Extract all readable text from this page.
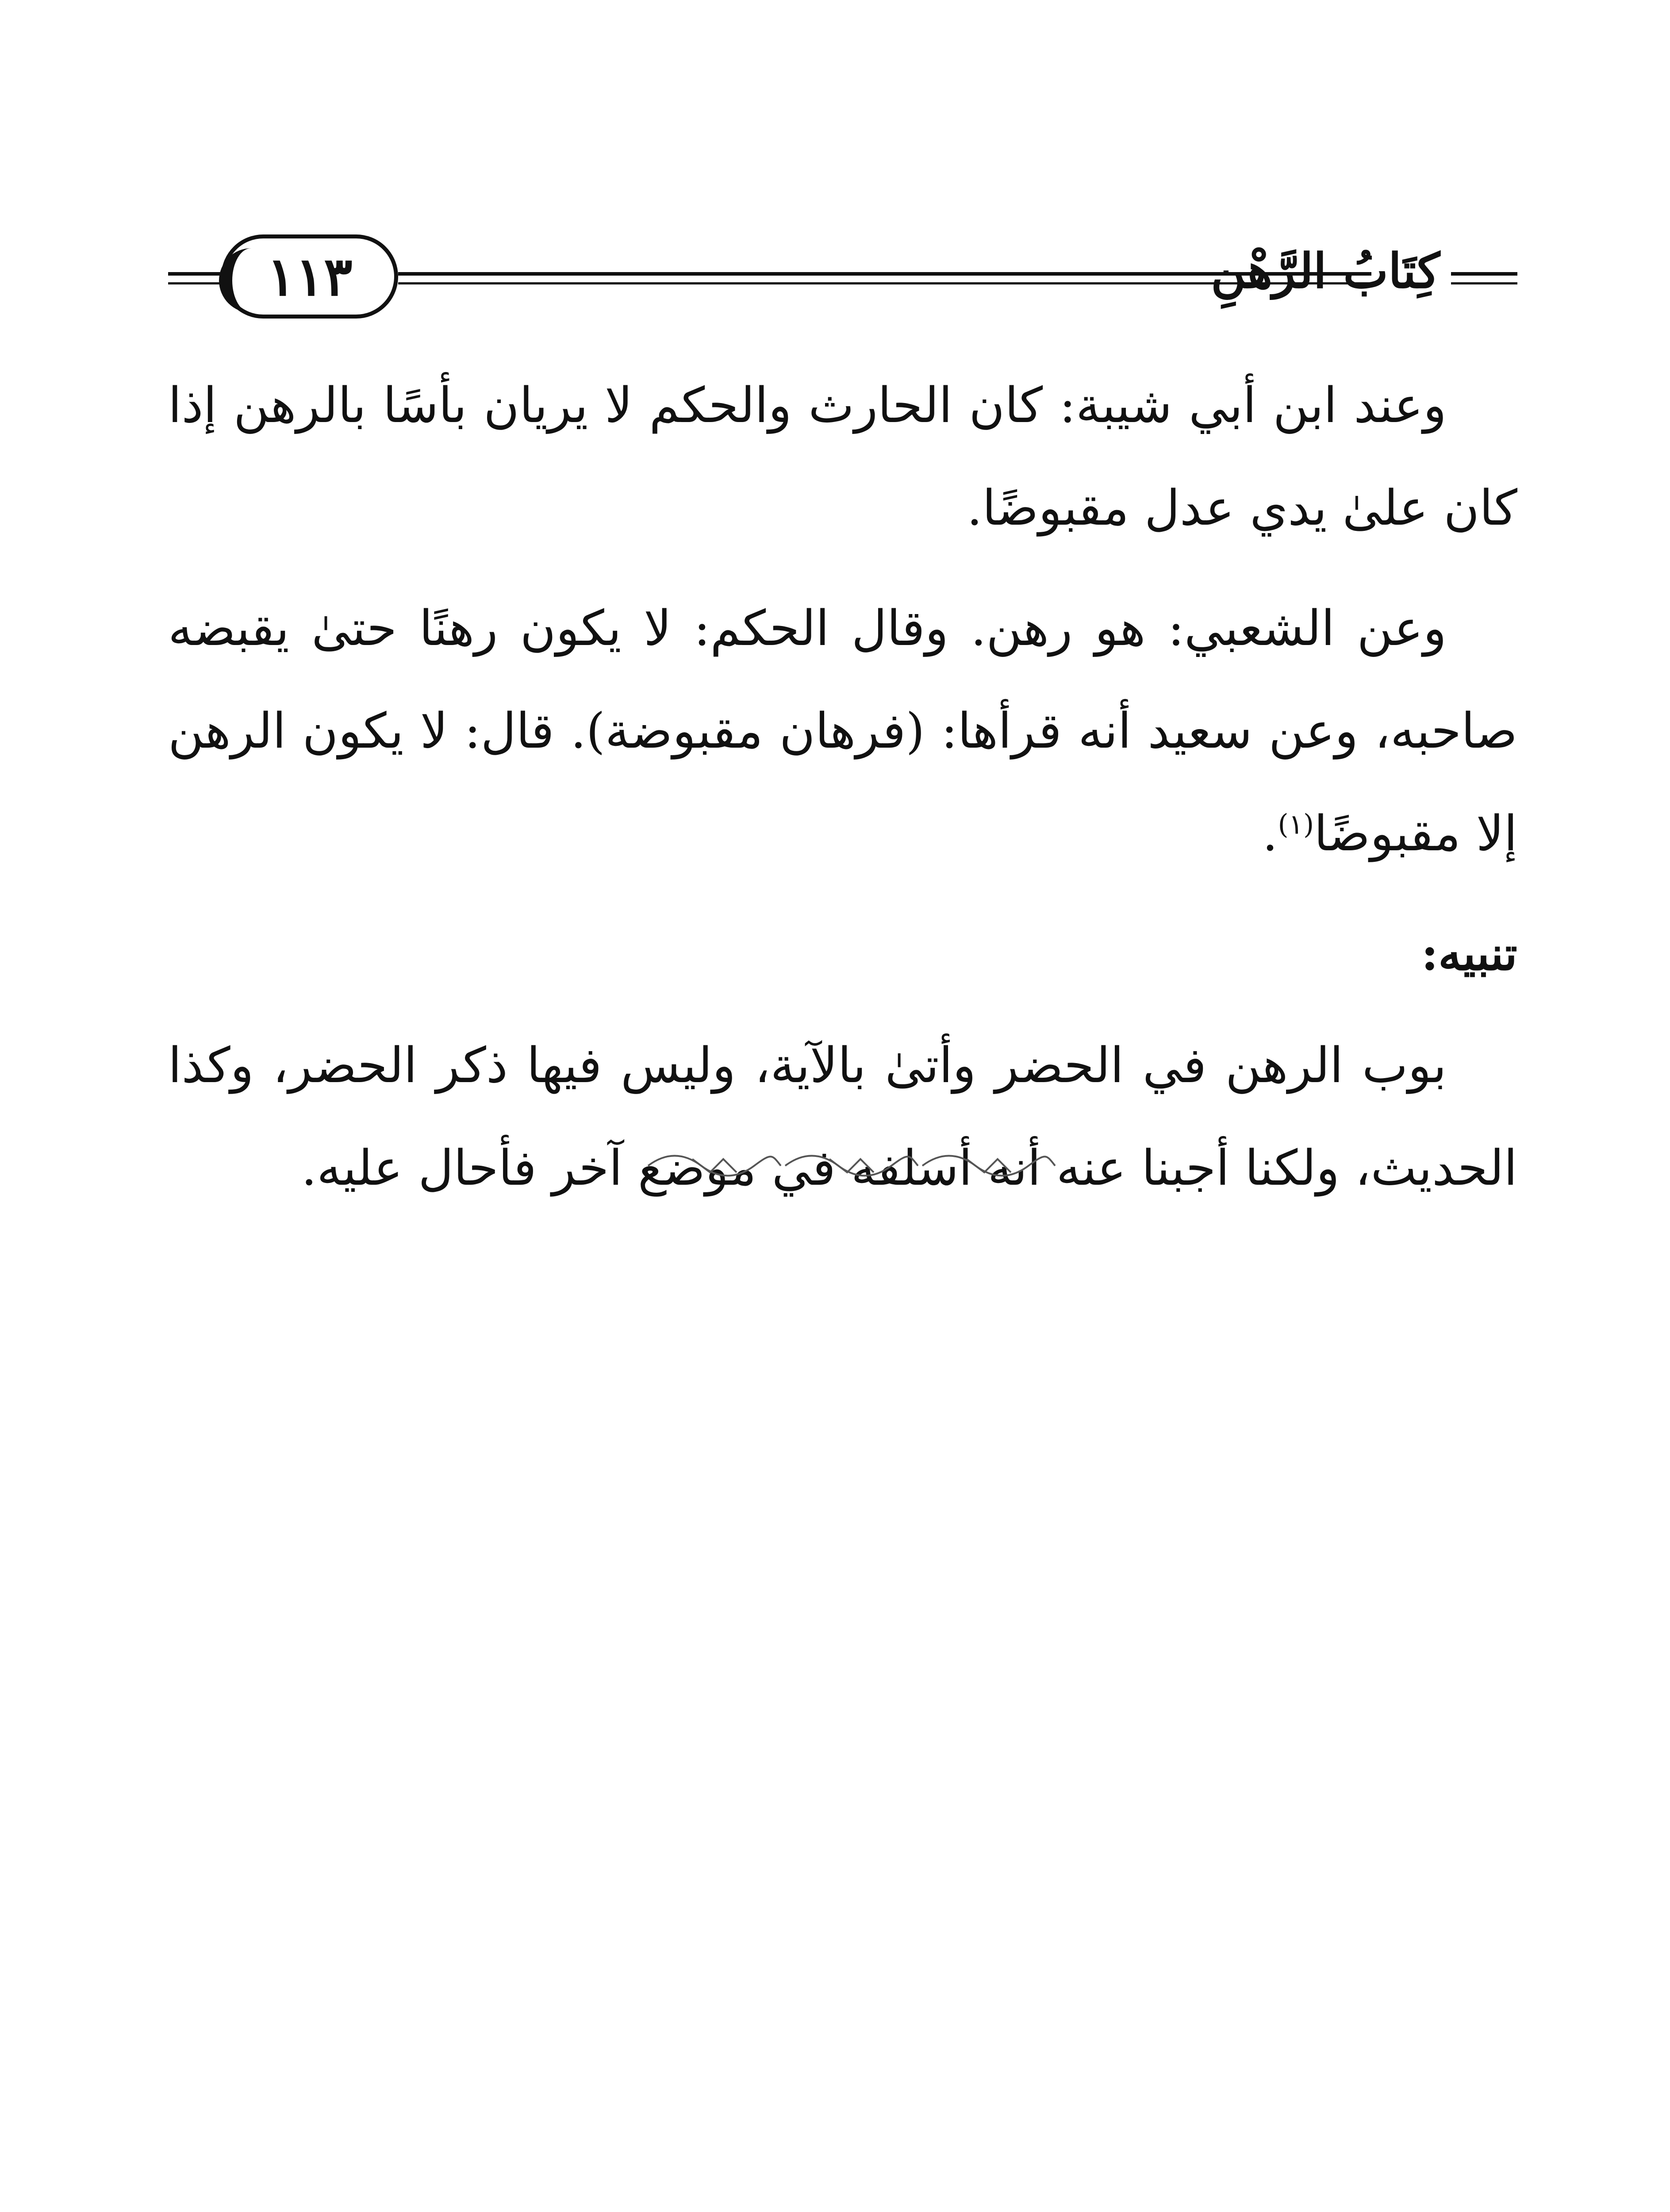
١١٣	كِتَابُ الرَّهْنِ

وعند ابن أبي شيبة: كان الحارث والحكم لا يريان بأسًا بالرهن إذا كان علىٰ يدي عدل مقبوضًا.

وعن الشعبي: هو رهن. وقال الحكم: لا يكون رهنًا حتىٰ يقبضه صاحبه، وعن سعيد أنه قرأها: (فرهان مقبوضة). قال: لا يكون الرهن إلا مقبوضًا$^{(١)}$.

تنبيه:

بوب الرهن في الحضر وأتىٰ بالآية، وليس فيها ذكر الحضر، وكذا الحديث، ولكنا أجبنا عنه أنه أسلفه في موضع آخر فأحال عليه.
